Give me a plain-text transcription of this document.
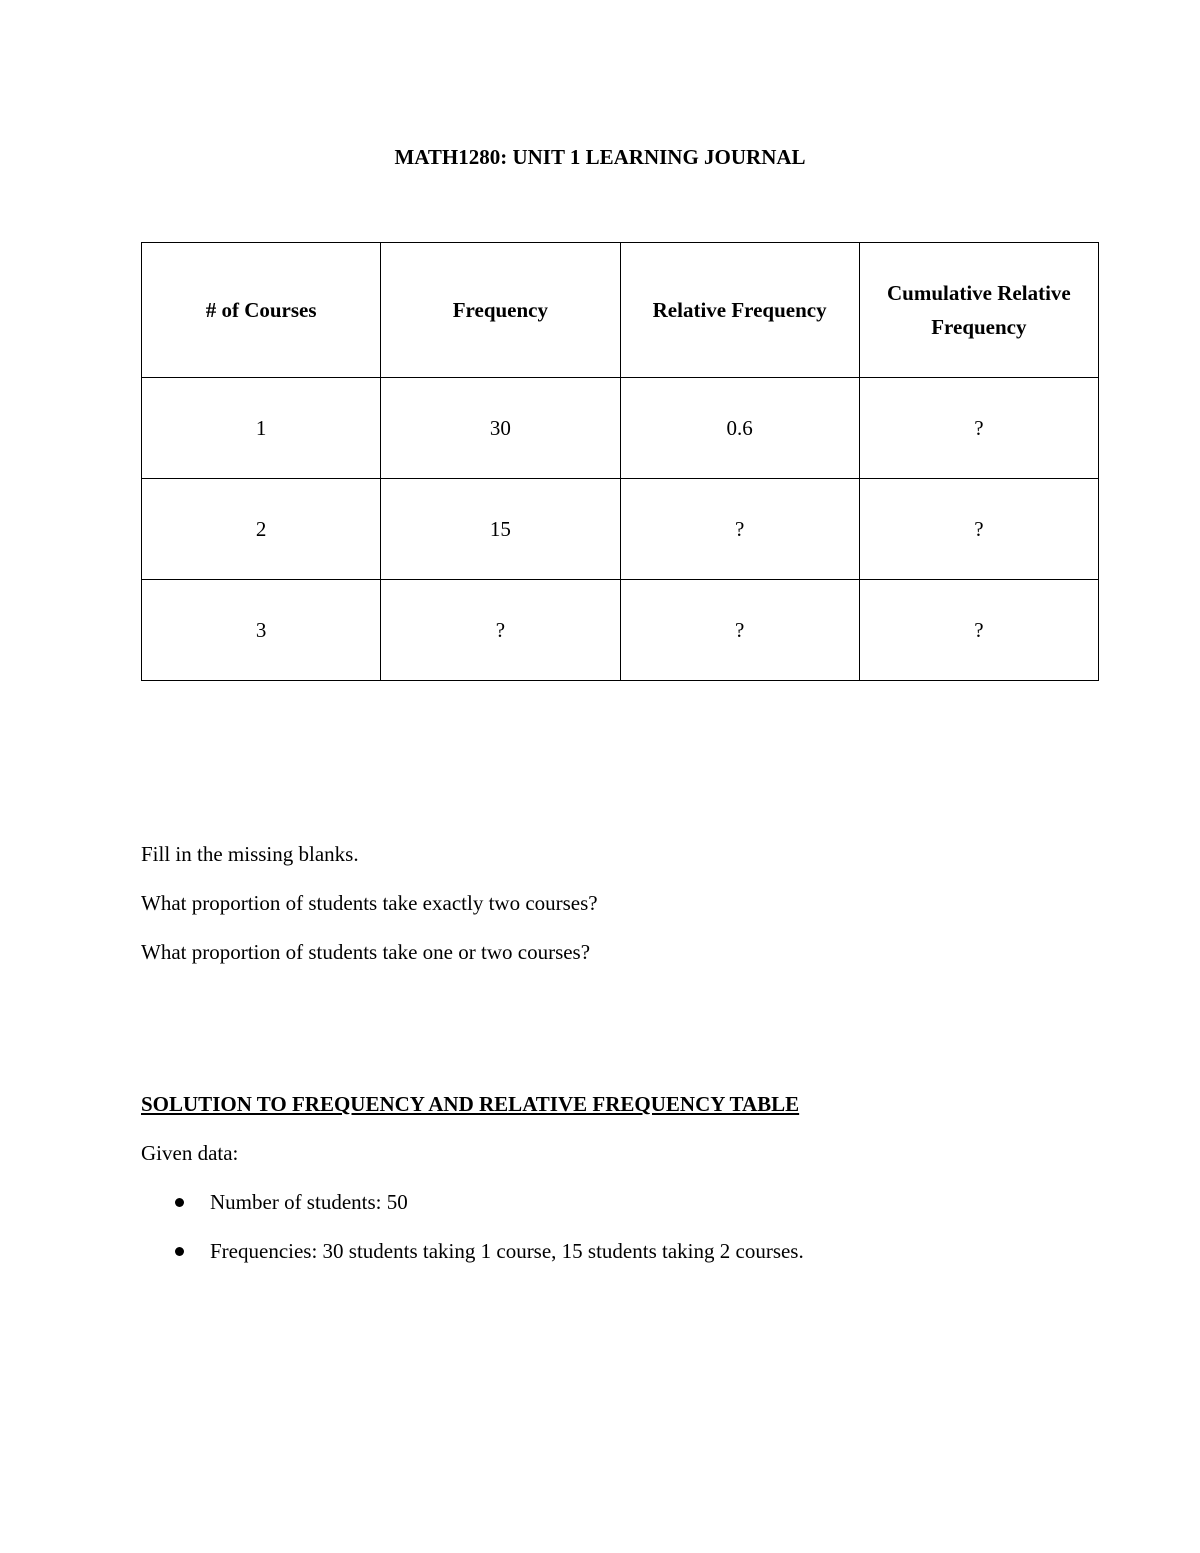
MATH1280: UNIT 1 LEARNING JOURNAL
# of Courses	Frequency	Relative Frequency	Cumulative Relative Frequency
1	30	0.6	?
2	15	?	?
3	?	?	?
Fill in the missing blanks.
What proportion of students take exactly two courses?
What proportion of students take one or two courses?
SOLUTION TO FREQUENCY AND RELATIVE FREQUENCY TABLE
Given data:
Number of students: 50
Frequencies: 30 students taking 1 course, 15 students taking 2 courses.
